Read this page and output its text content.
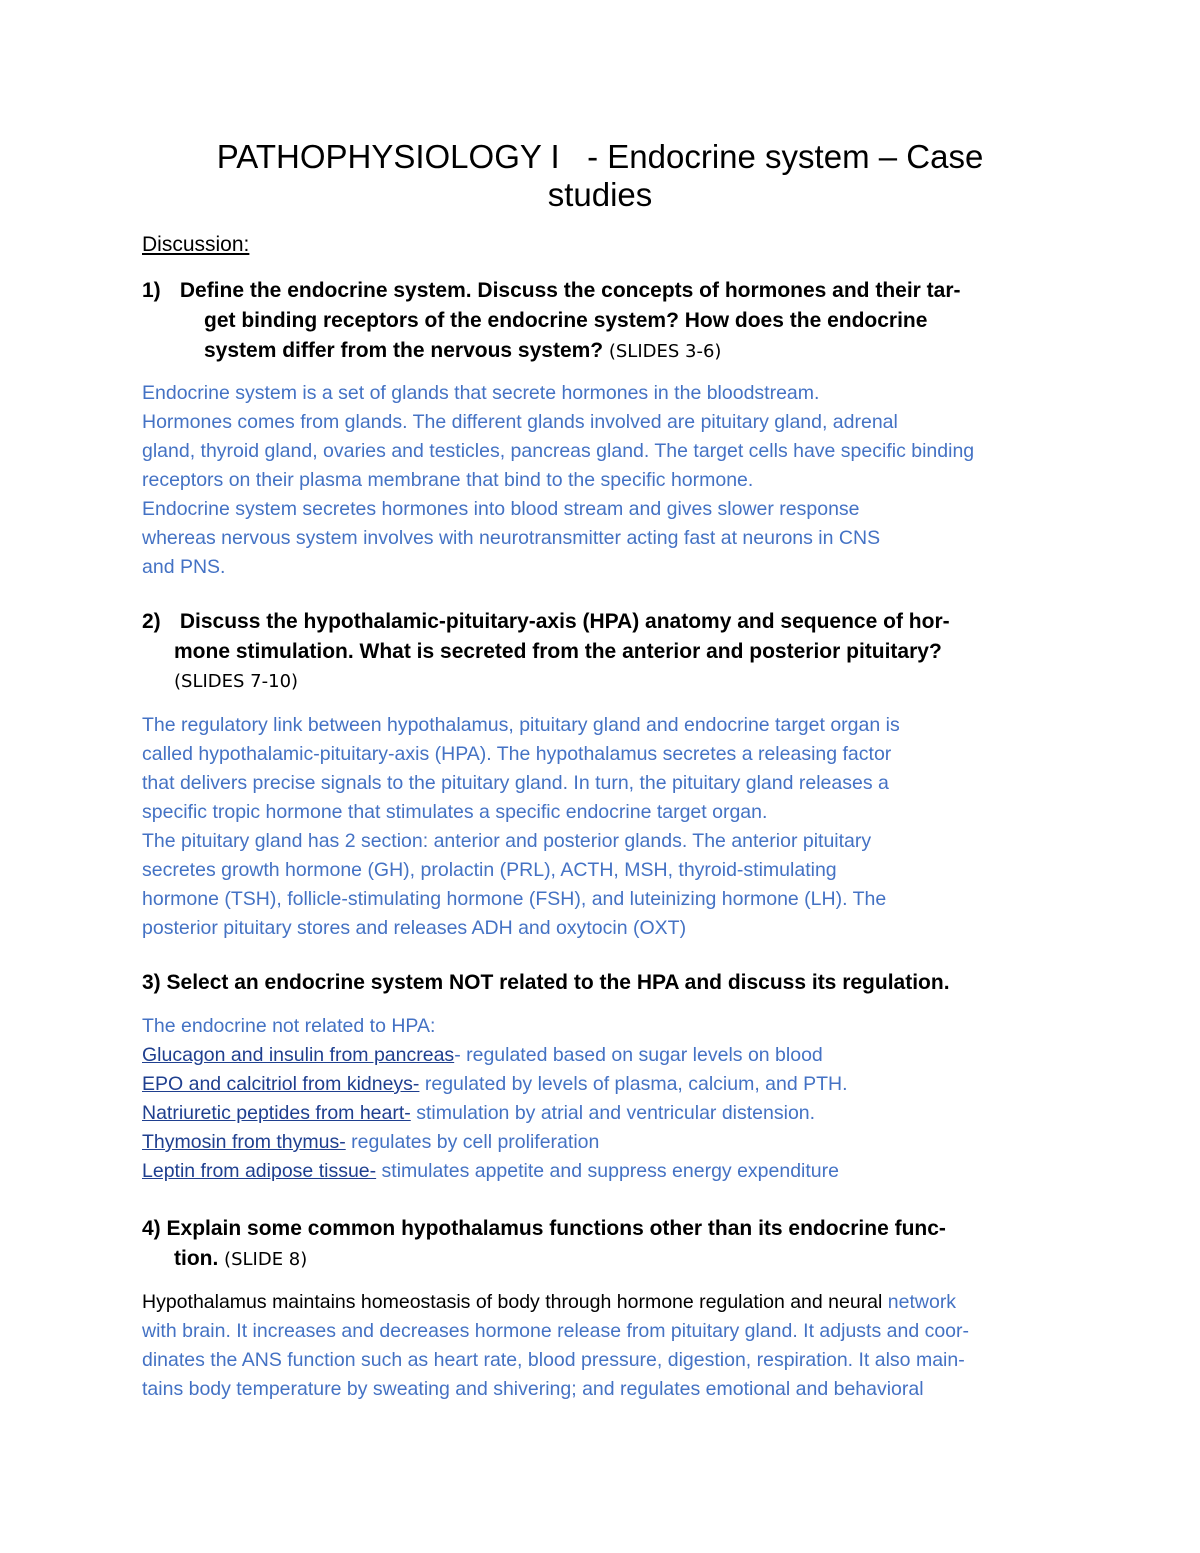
PATHOPHYSIOLOGY I   - Endocrine system – Case
studies

Discussion:

1) Define the endocrine system. Discuss the concepts of hormones and their tar-
get binding receptors of the endocrine system? How does the endocrine
system differ from the nervous system? (SLIDES 3-6)
Endocrine system is a set of glands that secrete hormones in the bloodstream.
Hormones comes from glands. The different glands involved are pituitary gland, adrenal
gland, thyroid gland, ovaries and testicles, pancreas gland. The target cells have specific binding
receptors on their plasma membrane that bind to the specific hormone.
Endocrine system secretes hormones into blood stream and gives slower response
whereas nervous system involves with neurotransmitter acting fast at neurons in CNS
and PNS.
2) Discuss the hypothalamic-pituitary-axis (HPA) anatomy and sequence of hor-
mone stimulation. What is secreted from the anterior and posterior pituitary?
(SLIDES 7-10)
The regulatory link between hypothalamus, pituitary gland and endocrine target organ is
called hypothalamic-pituitary-axis (HPA). The hypothalamus secretes a releasing factor
that delivers precise signals to the pituitary gland. In turn, the pituitary gland releases a
specific tropic hormone that stimulates a specific endocrine target organ.
The pituitary gland has 2 section: anterior and posterior glands. The anterior pituitary
secretes growth hormone (GH), prolactin (PRL), ACTH, MSH, thyroid-stimulating
hormone (TSH), follicle-stimulating hormone (FSH), and luteinizing hormone (LH). The
posterior pituitary stores and releases ADH and oxytocin (OXT)
3) Select an endocrine system NOT related to the HPA and discuss its regulation.
The endocrine not related to HPA:
Glucagon and insulin from pancreas- regulated based on sugar levels on blood
EPO and calcitriol from kidneys- regulated by levels of plasma, calcium, and PTH.
Natriuretic peptides from heart- stimulation by atrial and ventricular distension.
Thymosin from thymus- regulates by cell proliferation
Leptin from adipose tissue- stimulates appetite and suppress energy expenditure
4) Explain some common hypothalamus functions other than its endocrine func-
tion. (SLIDE 8)
Hypothalamus maintains homeostasis of body through hormone regulation and neural network
with brain. It increases and decreases hormone release from pituitary gland. It adjusts and coor-
dinates the ANS function such as heart rate, blood pressure, digestion, respiration. It also main-
tains body temperature by sweating and shivering; and regulates emotional and behavioral
